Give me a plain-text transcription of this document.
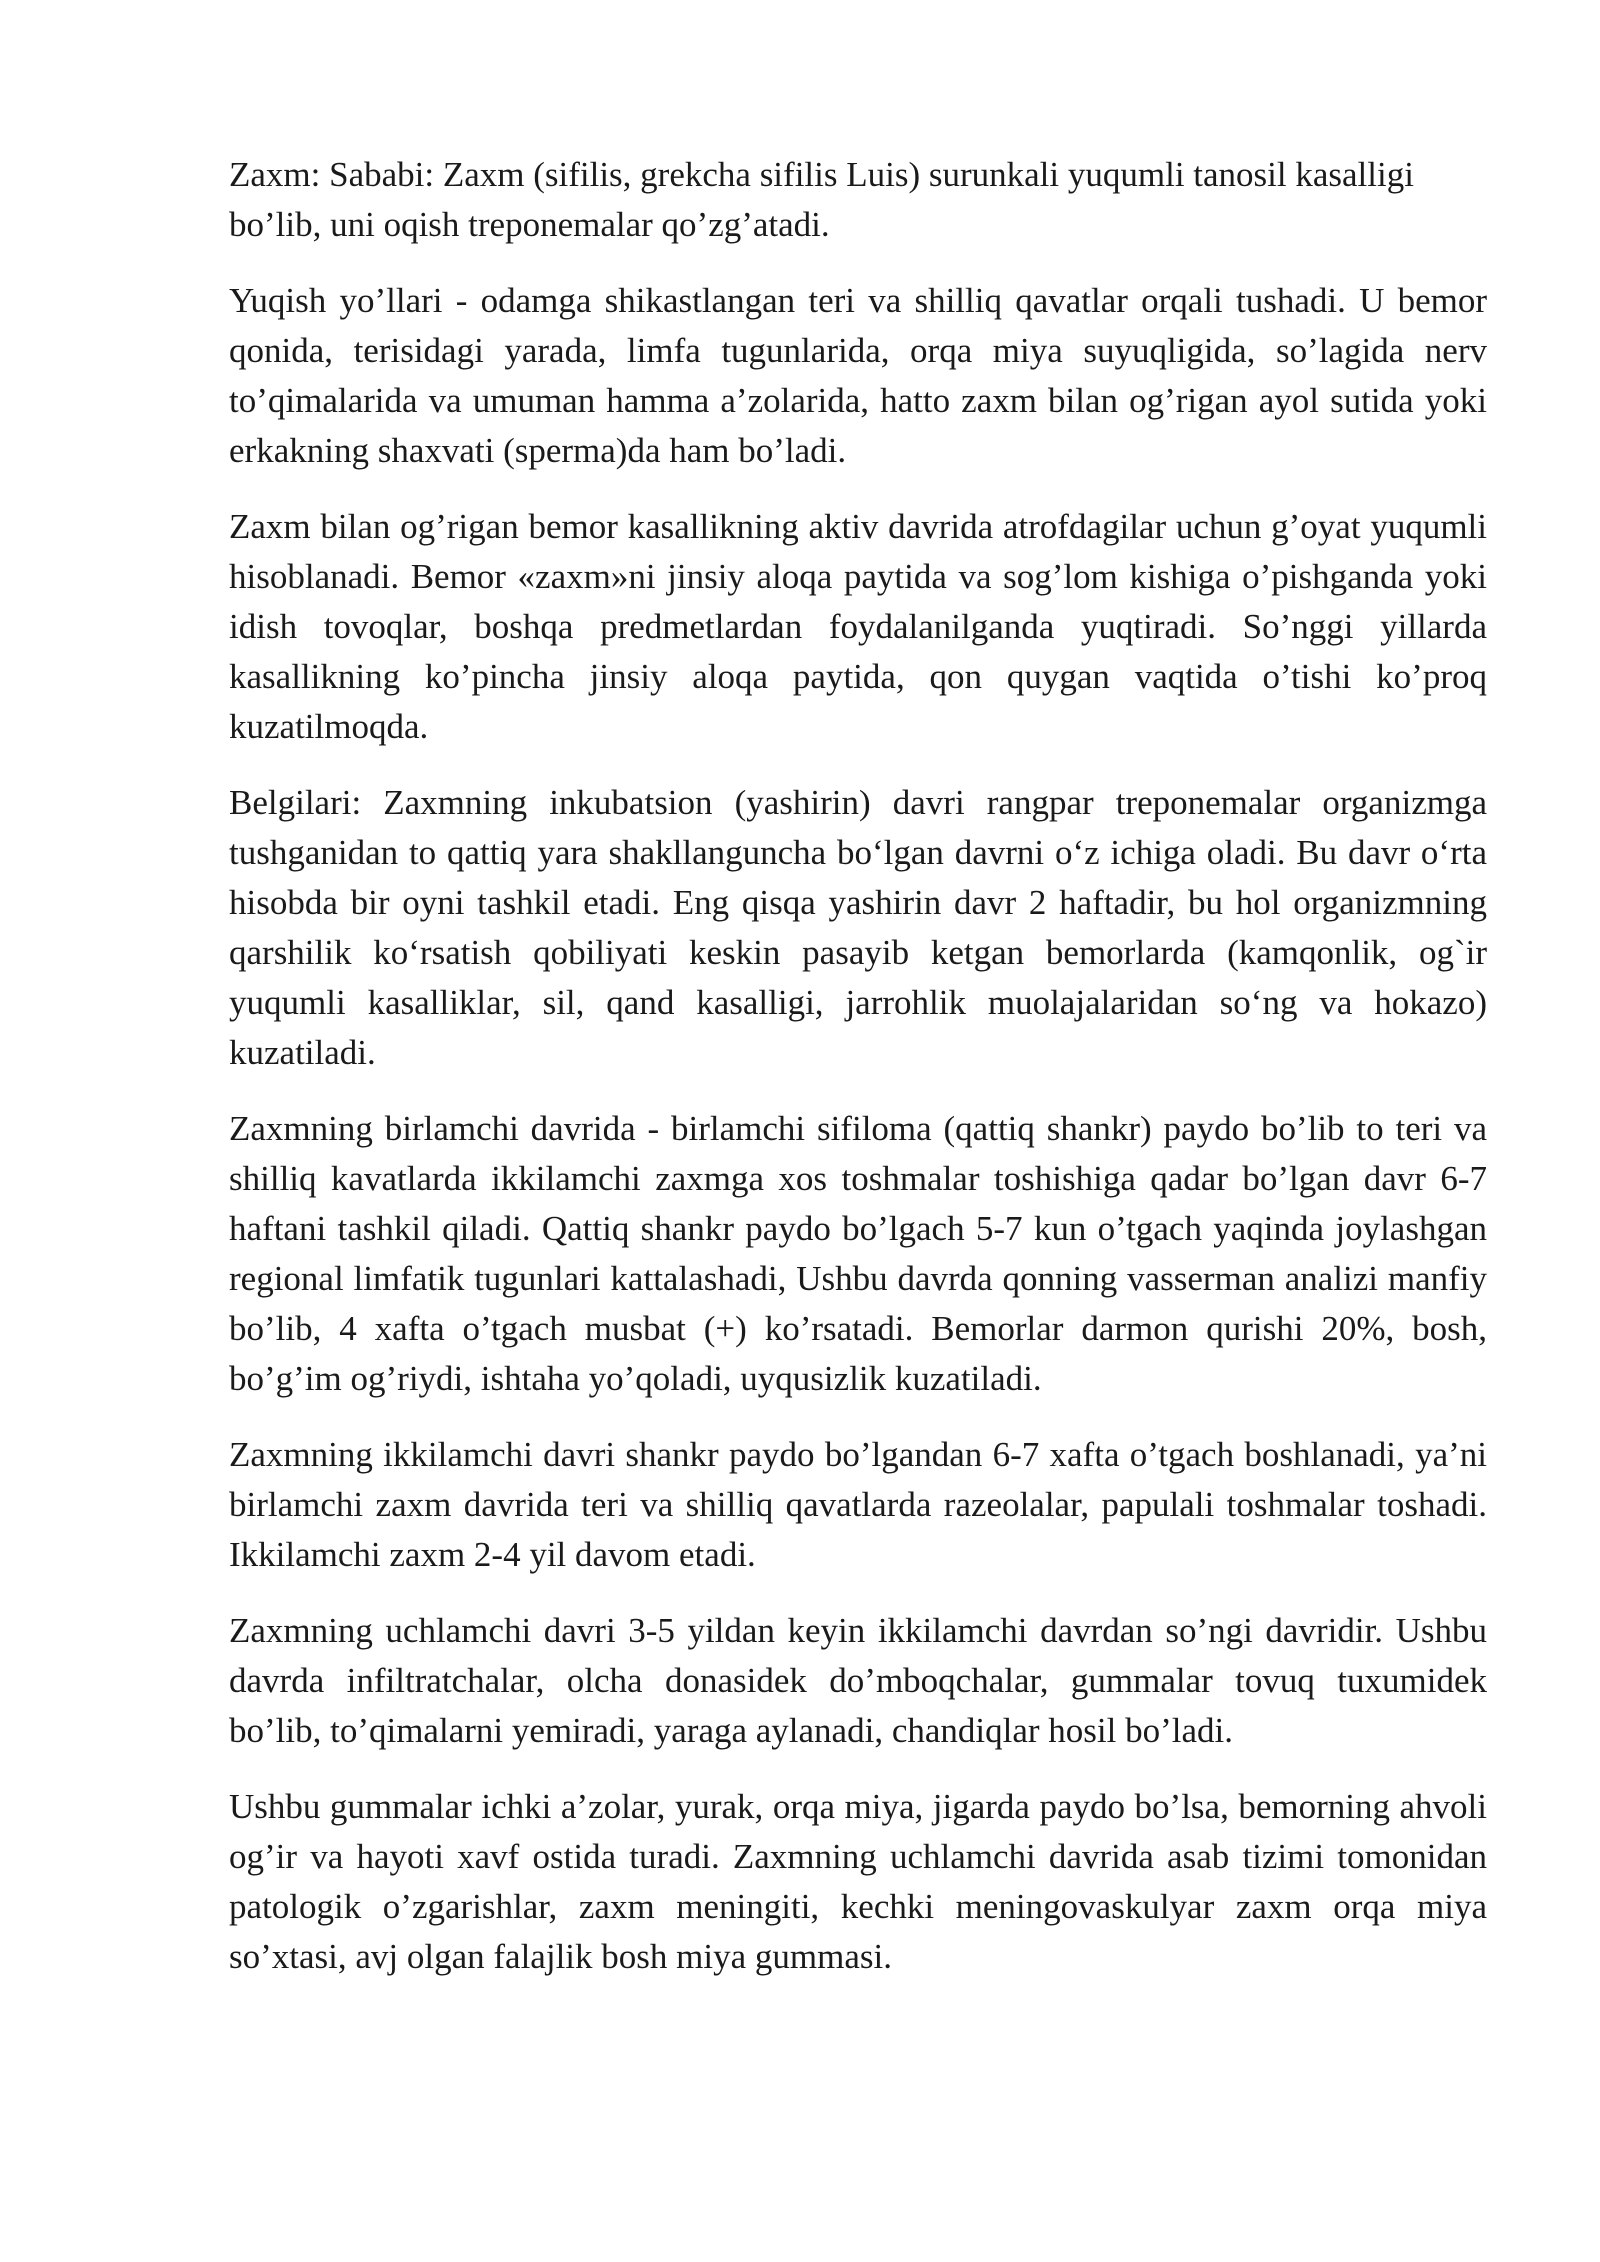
Zaxm: Sababi: Zaxm (sifilis, grekcha sifilis Luis) surunkali yuqumli tanosil kasalligi bo’lib, uni oqish treponemalar qo’zg’atadi.

Yuqish yo’llari - odamga shikastlangan teri va shilliq qavatlar orqali tushadi. U bemor qonida, terisidagi yarada, limfa tugunlarida, orqa miya suyuqligida, so’lagida nerv to’qimalarida va umuman hamma a’zolarida, hatto zaxm bilan og’rigan ayol sutida yoki erkakning shaxvati (sperma)da ham bo’ladi.

Zaxm bilan og’rigan bemor kasallikning aktiv davrida atrofdagilar uchun g’oyat yuqumli hisoblanadi. Bemor «zaxm»ni jinsiy aloqa paytida va sog’lom kishiga o’pishganda yoki idish tovoqlar, boshqa predmetlardan foydalanilganda yuqtiradi. So’nggi yillarda kasallikning ko’pincha jinsiy aloqa paytida, qon quygan vaqtida o’tishi ko’proq kuzatilmoqda.

Belgilari: Zaxmning inkubatsion (yashirin) davri rangpar treponemalar organizmga tushganidan to qattiq yara shakllanguncha bo‘lgan davrni o‘z ichiga oladi. Bu davr o‘rta hisobda bir oyni tashkil etadi. Eng qisqa yashirin davr 2 haftadir, bu hol organizmning qarshilik ko‘rsatish qobiliyati keskin pasayib ketgan bemorlarda (kamqonlik, og`ir yuqumli kasalliklar, sil, qand kasalligi, jarrohlik muolajalaridan so‘ng va hokazo) kuzatiladi.

Zaxmning birlamchi davrida - birlamchi sifiloma (qattiq shankr) paydo bo’lib to teri va shilliq kavatlarda ikkilamchi zaxmga xos toshmalar toshishiga qadar bo’lgan davr 6-7 haftani tashkil qiladi. Qattiq shankr paydo bo’lgach 5-7 kun o’tgach yaqinda joylashgan regional limfatik tugunlari kattalashadi, Ushbu davrda qonning vasserman analizi manfiy bo’lib, 4 xafta o’tgach musbat (+) ko’rsatadi. Bemorlar darmon qurishi 20%, bosh, bo’g’im og’riydi, ishtaha yo’qoladi, uyqusizlik kuzatiladi.

Zaxmning ikkilamchi davri shankr paydo bo’lgandan 6-7 xafta o’tgach boshlanadi, ya’ni birlamchi zaxm davrida teri va shilliq qavatlarda razeolalar, papulali toshmalar toshadi. Ikkilamchi zaxm 2-4 yil davom etadi.

Zaxmning uchlamchi davri 3-5 yildan keyin ikkilamchi davrdan so’ngi davridir. Ushbu davrda infiltratchalar, olcha donasidek do’mboqchalar, gummalar tovuq tuxumidek bo’lib, to’qimalarni yemiradi, yaraga aylanadi, chandiqlar hosil bo’ladi.

Ushbu gummalar ichki a’zolar, yurak, orqa miya, jigarda paydo bo’lsa, bemorning ahvoli og’ir va hayoti xavf ostida turadi. Zaxmning uchlamchi davrida asab tizimi tomonidan patologik o’zgarishlar, zaxm meningiti, kechki meningovaskulyar zaxm orqa miya so’xtasi, avj olgan falajlik bosh miya gummasi.
